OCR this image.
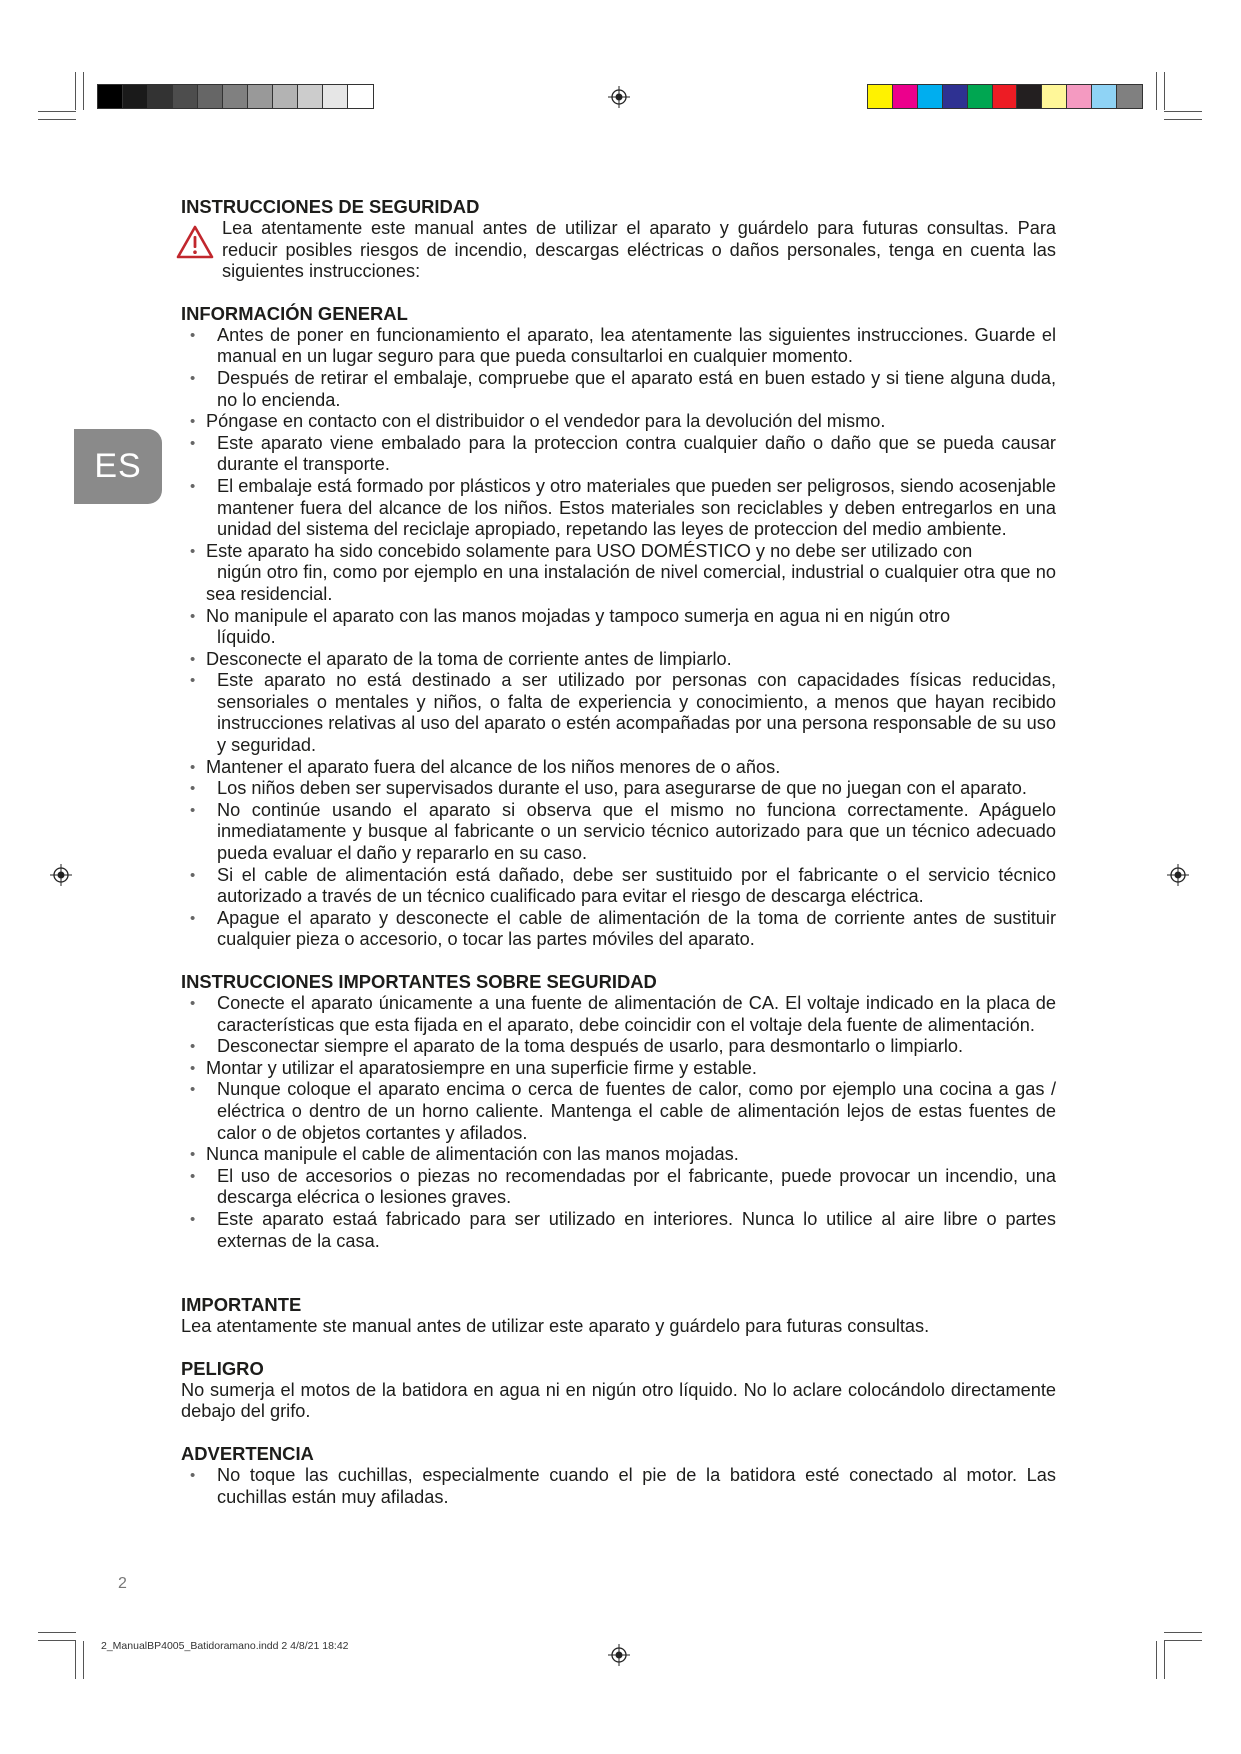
ES

INSTRUCCIONES DE SEGURIDAD

Lea atentamente este manual antes de utilizar el aparato y guárdelo para futuras consultas. Para reducir posibles riesgos de incendio, descargas eléctricas o daños personales, tenga en cuenta las siguientes instrucciones:

INFORMACIÓN GENERAL

• Antes de poner en funcionamiento el aparato, lea atentamente las siguientes instrucciones. Guarde el manual en un lugar seguro para que pueda consultarloi en cualquier momento.
• Después de retirar el embalaje, compruebe que el aparato está en buen estado y si tiene alguna duda, no lo encienda.
• Póngase en contacto con el distribuidor o el vendedor para la devolución del mismo.
• Este aparato viene embalado para la proteccion contra cualquier daño o daño que se pueda causar durante el transporte.
• El embalaje está formado por plásticos y otro materiales que pueden ser peligrosos, siendo acosenjable mantener fuera del alcance de los niños. Estos materiales son reciclables y deben entregarlos en una unidad del sistema del reciclaje apropiado, repetando las leyes de proteccion del medio ambiente.
• Este aparato ha sido concebido solamente para USO DOMÉSTICO y no debe ser utilizado con
nigún otro fin, como por ejemplo en una instalación de nivel comercial, industrial o cualquier otra que no sea residencial.
• No manipule el aparato con las manos mojadas y tampoco sumerja en agua ni en nigún otro
líquido.
• Desconecte el aparato de la toma de corriente antes de limpiarlo.
• Este aparato no está destinado a ser utilizado por personas con capacidades físicas reducidas, sensoriales o mentales y niños, o falta de experiencia y conocimiento, a menos que hayan recibido instrucciones relativas al uso del aparato o estén acompañadas por una persona responsable de su uso y seguridad.
• Mantener el aparato fuera del alcance de los niños menores de o años.
• Los niños deben ser supervisados durante el uso, para asegurarse de que no juegan con el aparato.
• No continúe usando el aparato si observa que el mismo no funciona correctamente. Apáguelo inmediatamente y busque al fabricante o un servicio técnico autorizado para que un técnico adecuado pueda evaluar el daño y repararlo en su caso.
• Si el cable de alimentación está dañado, debe ser sustituido por el fabricante o el servicio técnico autorizado a través de un técnico cualificado para evitar el riesgo de descarga eléctrica.
• Apague el aparato y desconecte el cable de alimentación de la toma de corriente antes de sustituir cualquier pieza o accesorio, o tocar las partes móviles del aparato.

INSTRUCCIONES IMPORTANTES SOBRE SEGURIDAD

• Conecte el aparato únicamente a una fuente de alimentación de CA. El voltaje indicado en la placa de características que esta fijada en el aparato, debe coincidir con el voltaje dela fuente de alimentación.
• Desconectar siempre el aparato de la toma después de usarlo, para desmontarlo o limpiarlo.
• Montar y utilizar el aparatosiempre en una superficie firme y estable.
• Nunque coloque el aparato encima o cerca de fuentes de calor, como por ejemplo una cocina a gas / eléctrica o dentro de un horno caliente. Mantenga el cable de alimentación lejos de estas fuentes de calor o de objetos cortantes y afilados.
• Nunca manipule el cable de alimentación con las manos mojadas.
• El uso de accesorios o piezas no recomendadas por el fabricante, puede provocar un incendio, una descarga elécrica o lesiones graves.
• Este aparato estaá fabricado para ser utilizado en interiores. Nunca lo utilice al aire libre o partes externas de la casa.

IMPORTANTE

Lea atentamente ste manual antes de utilizar este aparato y guárdelo para futuras consultas.

PELIGRO

No sumerja el motos de la batidora en agua ni en nigún otro líquido. No lo aclare colocándolo directamente debajo del grifo.

ADVERTENCIA

• No toque las cuchillas, especialmente cuando el pie de la batidora esté conectado al motor. Las cuchillas están muy afiladas.
2
2_ManualBP4005_Batidoramano.indd 2 4/8/21 18:42
